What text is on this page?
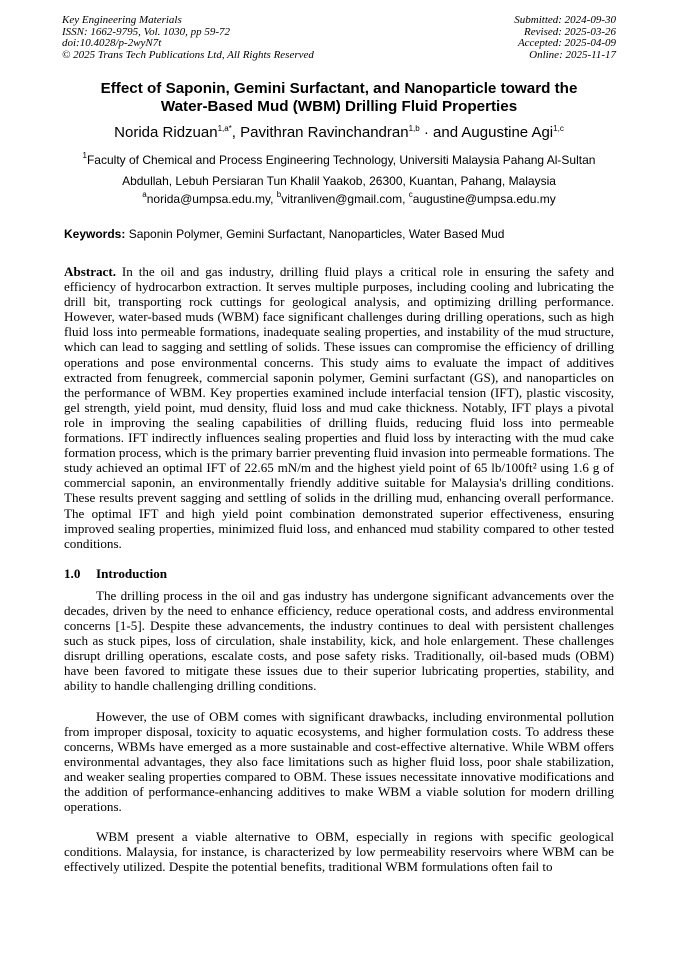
Key Engineering Materials
ISSN: 1662-9795, Vol. 1030, pp 59-72
doi:10.4028/p-2wyN7t
© 2025 Trans Tech Publications Ltd, All Rights Reserved
Submitted: 2024-09-30
Revised: 2025-03-26
Accepted: 2025-04-09
Online: 2025-11-17
Effect of Saponin, Gemini Surfactant, and Nanoparticle toward the
Water-Based Mud (WBM) Drilling Fluid Properties
Norida Ridzuan$^{1,a*}$, Pavithran Ravinchandran$^{1,b}$ · and Augustine Agi$^{1,c}$
$^1$Faculty of Chemical and Process Engineering Technology, Universiti Malaysia Pahang Al-Sultan
Abdullah, Lebuh Persiaran Tun Khalil Yaakob, 26300, Kuantan, Pahang, Malaysia
$^a$norida@umpsa.edu.my, $^b$vitranliven@gmail.com, $^c$augustine@umpsa.edu.my
Keywords: Saponin Polymer, Gemini Surfactant, Nanoparticles, Water Based Mud

Abstract. In the oil and gas industry, drilling fluid plays a critical role in ensuring the safety and efficiency of hydrocarbon extraction. It serves multiple purposes, including cooling and lubricating the drill bit, transporting rock cuttings for geological analysis, and optimizing drilling performance. However, water-based muds (WBM) face significant challenges during drilling operations, such as high fluid loss into permeable formations, inadequate sealing properties, and instability of the mud structure, which can lead to sagging and settling of solids. These issues can compromise the efficiency of drilling operations and pose environmental concerns. This study aims to evaluate the impact of additives extracted from fenugreek, commercial saponin polymer, Gemini surfactant (GS), and nanoparticles on the performance of WBM. Key properties examined include interfacial tension (IFT), plastic viscosity, gel strength, yield point, mud density, fluid loss and mud cake thickness. Notably, IFT plays a pivotal role in improving the sealing capabilities of drilling fluids, reducing fluid loss into permeable formations. IFT indirectly influences sealing properties and fluid loss by interacting with the mud cake formation process, which is the primary barrier preventing fluid invasion into permeable formations. The study achieved an optimal IFT of 22.65 mN/m and the highest yield point of 65 lb/100ft² using 1.6 g of commercial saponin, an environmentally friendly additive suitable for Malaysia's drilling conditions. These results prevent sagging and settling of solids in the drilling mud, enhancing overall performance. The optimal IFT and high yield point combination demonstrated superior effectiveness, ensuring improved sealing properties, minimized fluid loss, and enhanced mud stability compared to other tested conditions.

1.0 Introduction

The drilling process in the oil and gas industry has undergone significant advancements over the decades, driven by the need to enhance efficiency, reduce operational costs, and address environmental concerns [1-5]. Despite these advancements, the industry continues to deal with persistent challenges such as stuck pipes, loss of circulation, shale instability, kick, and hole enlargement. These challenges disrupt drilling operations, escalate costs, and pose safety risks. Traditionally, oil-based muds (OBM) have been favored to mitigate these issues due to their superior lubricating properties, stability, and ability to handle challenging drilling conditions.

However, the use of OBM comes with significant drawbacks, including environmental pollution from improper disposal, toxicity to aquatic ecosystems, and higher formulation costs. To address these concerns, WBMs have emerged as a more sustainable and cost-effective alternative. While WBM offers environmental advantages, they also face limitations such as higher fluid loss, poor shale stabilization, and weaker sealing properties compared to OBM. These issues necessitate innovative modifications and the addition of performance-enhancing additives to make WBM a viable solution for modern drilling operations.

WBM present a viable alternative to OBM, especially in regions with specific geological conditions. Malaysia, for instance, is characterized by low permeability reservoirs where WBM can be effectively utilized. Despite the potential benefits, traditional WBM formulations often fail to
